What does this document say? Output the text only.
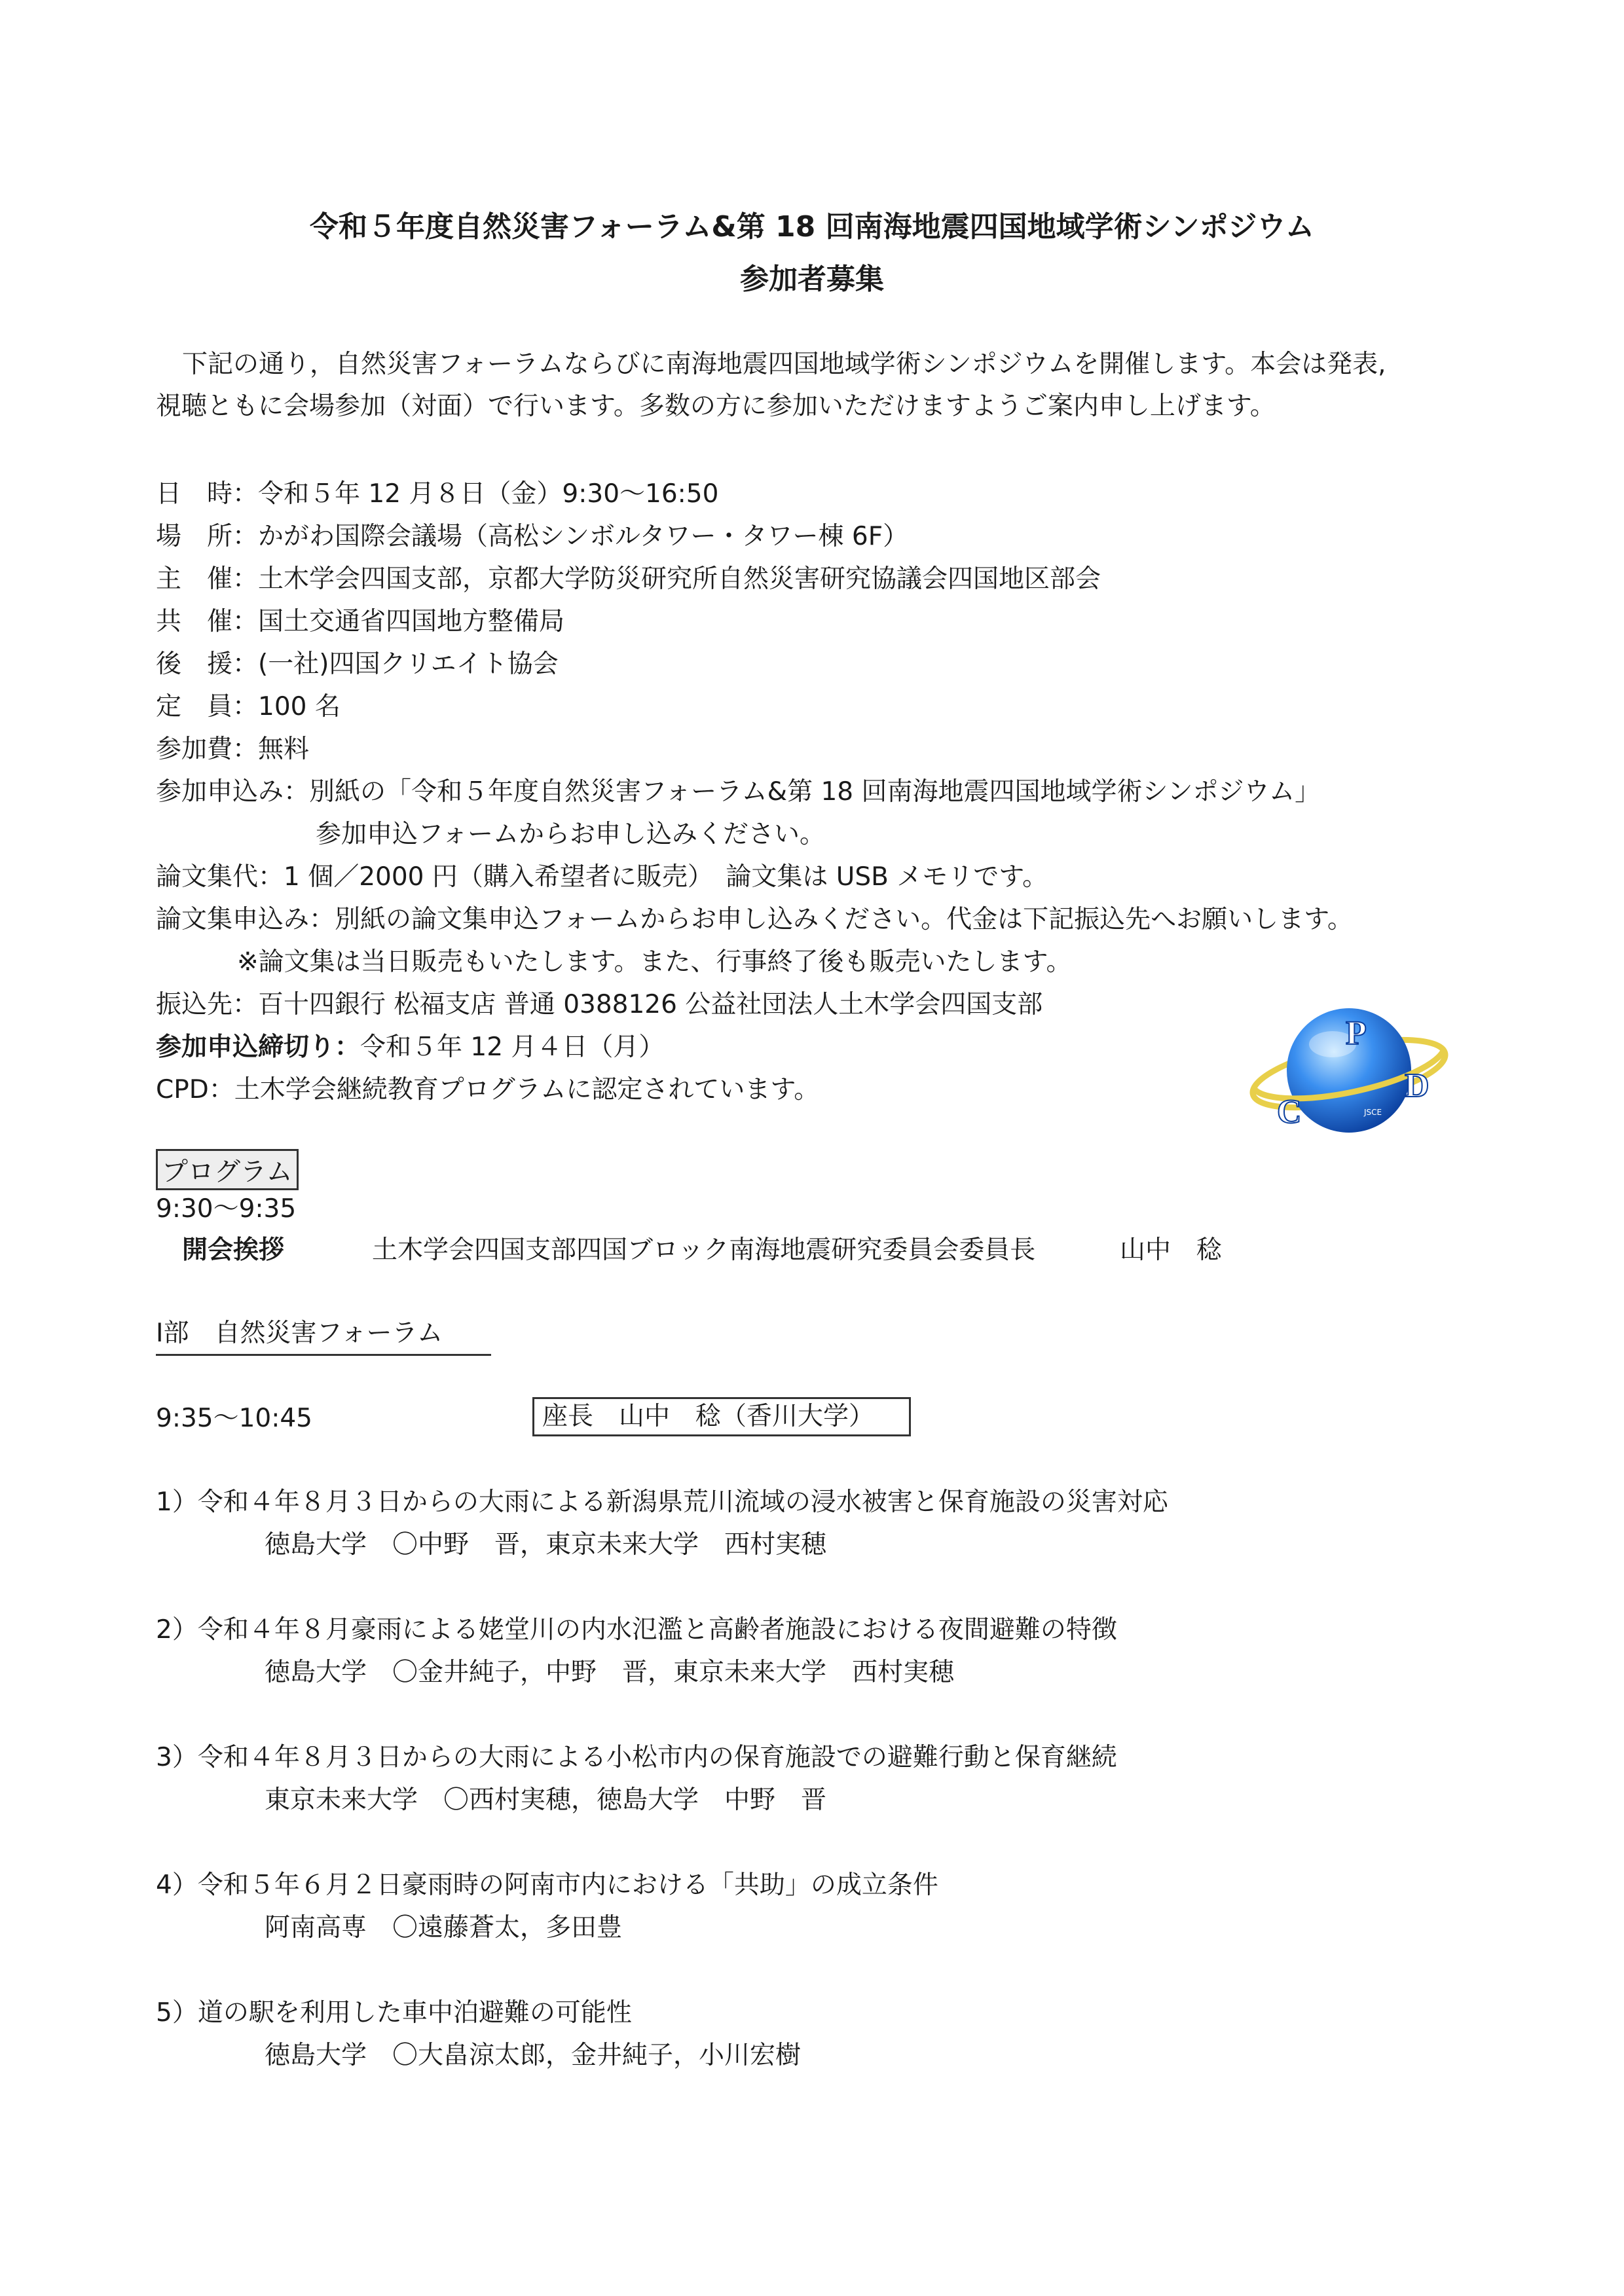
令和５年度自然災害フォーラム&第 18 回南海地震四国地域学術シンポジウム
参加者募集
下記の通り，自然災害フォーラムならびに南海地震四国地域学術シンポジウムを開催します。本会は発表,
視聴ともに会場参加（対面）で行います。多数の方に参加いただけますようご案内申し上げます。
日　時：令和５年 12 月８日（金）9:30〜16:50
場　所：かがわ国際会議場（高松シンボルタワー・タワー棟 6F）
主　催：土木学会四国支部，京都大学防災研究所自然災害研究協議会四国地区部会
共　催：国土交通省四国地方整備局
後　援：(一社)四国クリエイト協会
定　員：100 名
参加費：無料
参加申込み：別紙の「令和５年度自然災害フォーラム&第 18 回南海地震四国地域学術シンポジウム」
参加申込フォームからお申し込みください。
論文集代：1 個／2000 円（購入希望者に販売）　論文集は USB メモリです。
論文集申込み：別紙の論文集申込フォームからお申し込みください。代金は下記振込先へお願いします。
※論文集は当日販売もいたします。また、行事終了後も販売いたします。
振込先：百十四銀行 松福支店 普通 0388126 公益社団法人土木学会四国支部
参加申込締切り：令和５年 12 月４日（月）
CPD：土木学会継続教育プログラムに認定されています。
P
C
D
JSCE
プログラム
9:30〜9:35
開会挨拶	土木学会四国支部四国ブロック南海地震研究委員会委員長	山中　稔
Ⅰ部　自然災害フォーラム
9:35〜10:45	座長　山中　稔（香川大学）
1）令和４年８月３日からの大雨による新潟県荒川流域の浸水被害と保育施設の災害対応
徳島大学　〇中野　晋，東京未来大学　西村実穂
2）令和４年８月豪雨による姥堂川の内水氾濫と高齢者施設における夜間避難の特徴
徳島大学　〇金井純子，中野　晋，東京未来大学　西村実穂
3）令和４年８月３日からの大雨による小松市内の保育施設での避難行動と保育継続
東京未来大学　〇西村実穂，徳島大学　中野　晋
4）令和５年６月２日豪雨時の阿南市内における「共助」の成立条件
阿南高専　〇遠藤蒼太，多田豊
5）道の駅を利用した車中泊避難の可能性
徳島大学　〇大畠涼太郎，金井純子，小川宏樹
